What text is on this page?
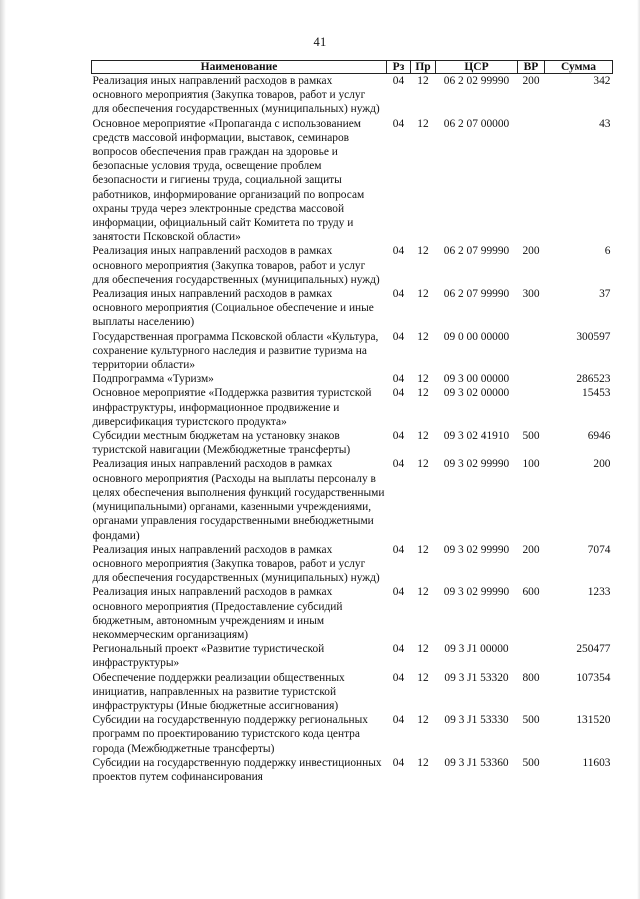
41
Наименование	Рз	Пр	ЦСР	ВР	Сумма
Реализация иных направлений расходов в рамках основного мероприятия (Закупка товаров, работ и услуг для обеспечения государственных (муниципальных) нужд)	04	12	06 2 02 99990	200	342
Основное мероприятие «Пропаганда с использованием средств массовой информации, выставок, семинаров вопросов обеспечения прав граждан на здоровье и безопасные условия труда, освещение проблем безопасности и гигиены труда, социальной защиты работников, информирование организаций по вопросам охраны труда через электронные средства массовой информации, официальный сайт Комитета по труду и занятости Псковской области»	04	12	06 2 07 00000		43
Реализация иных направлений расходов в рамках основного мероприятия (Закупка товаров, работ и услуг для обеспечения государственных (муниципальных) нужд)	04	12	06 2 07 99990	200	6
Реализация иных направлений расходов в рамках основного мероприятия (Социальное обеспечение и иные выплаты населению)	04	12	06 2 07 99990	300	37
Государственная программа Псковской области «Культура, сохранение культурного наследия и развитие туризма на территории области»	04	12	09 0 00 00000		300597
Подпрограмма «Туризм»	04	12	09 3 00 00000		286523
Основное мероприятие «Поддержка развития туристской инфраструктуры, информационное продвижение и диверсификация туристского продукта»	04	12	09 3 02 00000		15453
Субсидии местным бюджетам на установку знаков туристской навигации (Межбюджетные трансферты)	04	12	09 3 02 41910	500	6946
Реализация иных направлений расходов в рамках основного мероприятия (Расходы на выплаты персоналу в целях обеспечения выполнения функций государственными (муниципальными) органами, казенными учреждениями, органами управления государственными внебюджетными фондами)	04	12	09 3 02 99990	100	200
Реализация иных направлений расходов в рамках основного мероприятия (Закупка товаров, работ и услуг для обеспечения государственных (муниципальных) нужд)	04	12	09 3 02 99990	200	7074
Реализация иных направлений расходов в рамках основного мероприятия (Предоставление субсидий бюджетным, автономным учреждениям и иным некоммерческим организациям)	04	12	09 3 02 99990	600	1233
Региональный проект «Развитие туристической инфраструктуры»	04	12	09 3 J1 00000		250477
Обеспечение поддержки реализации общественных инициатив, направленных на развитие туристской инфраструктуры (Иные бюджетные ассигнования)	04	12	09 3 J1 53320	800	107354
Субсидии на государственную поддержку региональных программ по проектированию туристского кода центра города (Межбюджетные трансферты)	04	12	09 3 J1 53330	500	131520
Субсидии на государственную поддержку инвестиционных проектов путем софинансирования	04	12	09 3 J1 53360	500	11603
